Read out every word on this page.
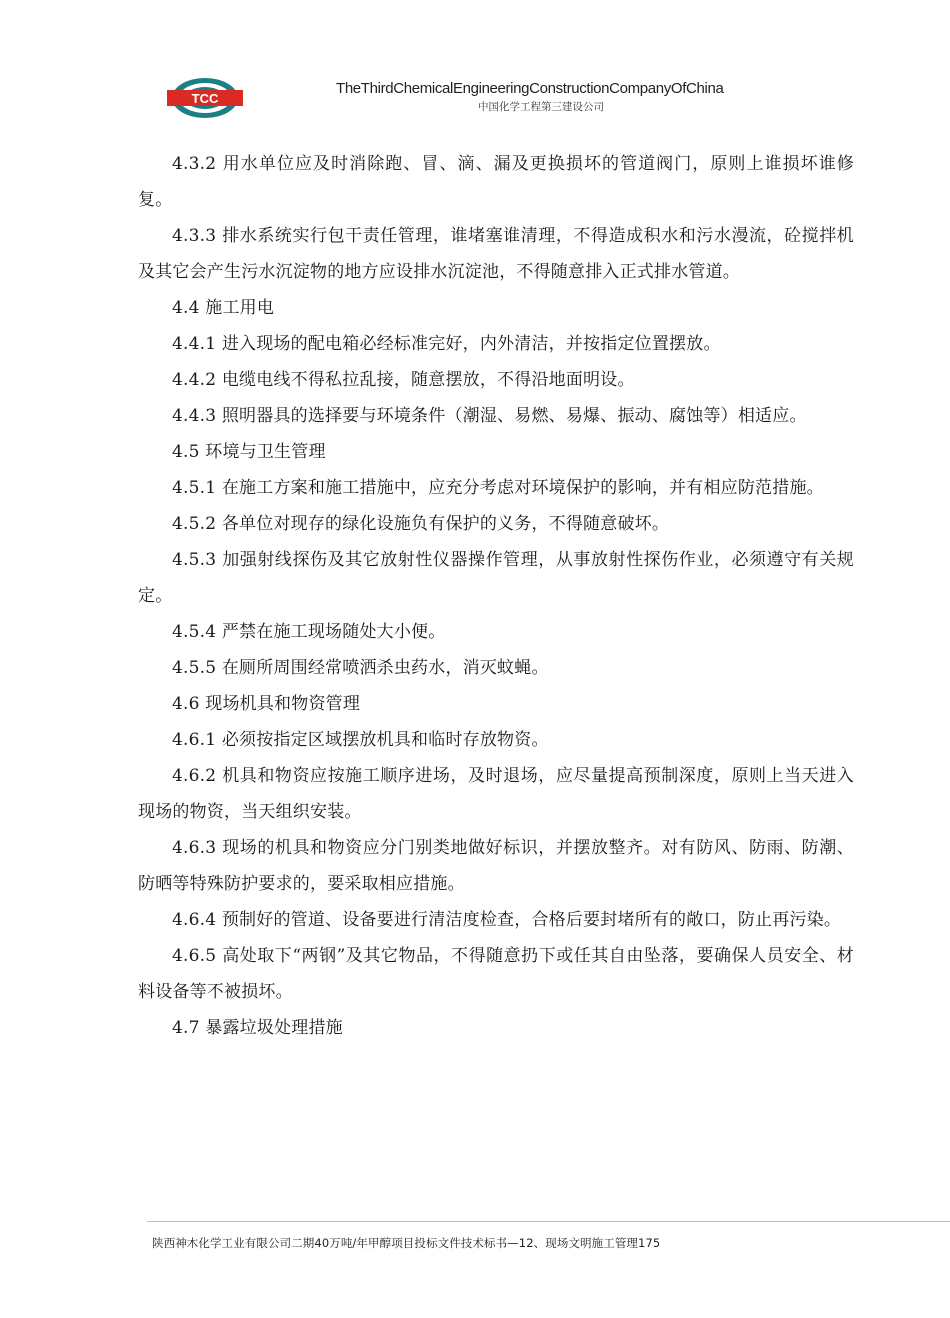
TCC
TheThirdChemicalEngineeringConstructionCompanyOfChina
中国化学工程第三建设公司

4.3.2 用水单位应及时消除跑、冒、滴、漏及更换损坏的管道阀门，原则上谁损坏谁修复。

4.3.3 排水系统实行包干责任管理，谁堵塞谁清理，不得造成积水和污水漫流，砼搅拌机及其它会产生污水沉淀物的地方应设排水沉淀池，不得随意排入正式排水管道。

4.4 施工用电

4.4.1 进入现场的配电箱必经标准完好，内外清洁，并按指定位置摆放。

4.4.2 电缆电线不得私拉乱接，随意摆放，不得沿地面明设。

4.4.3 照明器具的选择要与环境条件（潮湿、易燃、易爆、振动、腐蚀等）相适应。

4.5 环境与卫生管理

4.5.1 在施工方案和施工措施中，应充分考虑对环境保护的影响，并有相应防范措施。

4.5.2 各单位对现存的绿化设施负有保护的义务，不得随意破坏。

4.5.3 加强射线探伤及其它放射性仪器操作管理，从事放射性探伤作业，必须遵守有关规定。

4.5.4 严禁在施工现场随处大小便。

4.5.5 在厕所周围经常喷洒杀虫药水，消灭蚊蝇。

4.6 现场机具和物资管理

4.6.1 必须按指定区域摆放机具和临时存放物资。

4.6.2 机具和物资应按施工顺序进场，及时退场，应尽量提高预制深度，原则上当天进入现场的物资，当天组织安装。

4.6.3 现场的机具和物资应分门别类地做好标识，并摆放整齐。对有防风、防雨、防潮、防晒等特殊防护要求的，要采取相应措施。

4.6.4 预制好的管道、设备要进行清洁度检查，合格后要封堵所有的敞口，防止再污染。

4.6.5 高处取下“两钢”及其它物品，不得随意扔下或任其自由坠落，要确保人员安全、材料设备等不被损坏。

4.7 暴露垃圾处理措施

陕西神木化学工业有限公司二期40万吨/年甲醇项目投标文件技术标书—12、现场文明施工管理175
